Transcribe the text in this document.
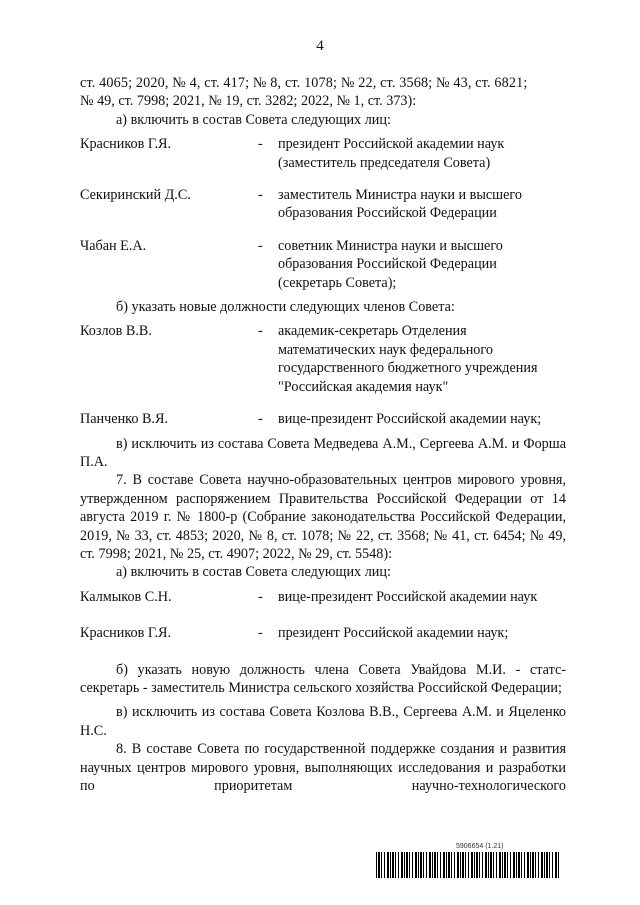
4

ст. 4065; 2020, № 4, ст. 417; № 8, ст. 1078; № 22, ст. 3568; № 43, ст. 6821;

№ 49, ст. 7998; 2021, № 19, ст. 3282; 2022, № 1, ст. 373):

а) включить в состав Совета следующих лиц:

Красников Г.Я.	-	президент Российской академии наук
(заместитель председателя Совета)
Секиринский Д.С.	-	заместитель Министра науки и высшего
образования Российской Федерации
Чабан Е.А.	-	советник Министра науки и высшего
образования Российской Федерации
(секретарь Совета);

б) указать новые должности следующих членов Совета:

Козлов В.В.	-	академик-секретарь Отделения
математических наук федерального
государственного бюджетного учреждения
"Российская академия наук"
Панченко В.Я.	-	вице-президент Российской академии наук;

в) исключить из состава Совета Медведева А.М., Сергеева А.М. и Форша П.А.

7. В составе Совета научно-образовательных центров мирового уровня, утвержденном распоряжением Правительства Российской Федерации от 14 августа 2019 г. № 1800-р (Собрание законодательства Российской Федерации, 2019, № 33, ст. 4853; 2020, № 8, ст. 1078; № 22, ст. 3568; № 41, ст. 6454; № 49, ст. 7998; 2021, № 25, ст. 4907; 2022, № 29, ст. 5548):

а) включить в состав Совета следующих лиц:

Калмыков С.Н.	-	вице-президент Российской академии наук
Красников Г.Я.	-	президент Российской академии наук;

б) указать новую должность члена Совета Увайдова М.И. - статс-секретарь - заместитель Министра сельского хозяйства Российской Федерации;

в) исключить из состава Совета Козлова В.В., Сергеева А.М. и Яцеленко Н.С.

8. В составе Совета по государственной поддержке создания и развития научных центров мирового уровня, выполняющих исследования и разработки по приоритетам научно-технологического

5906654 (1.21)
